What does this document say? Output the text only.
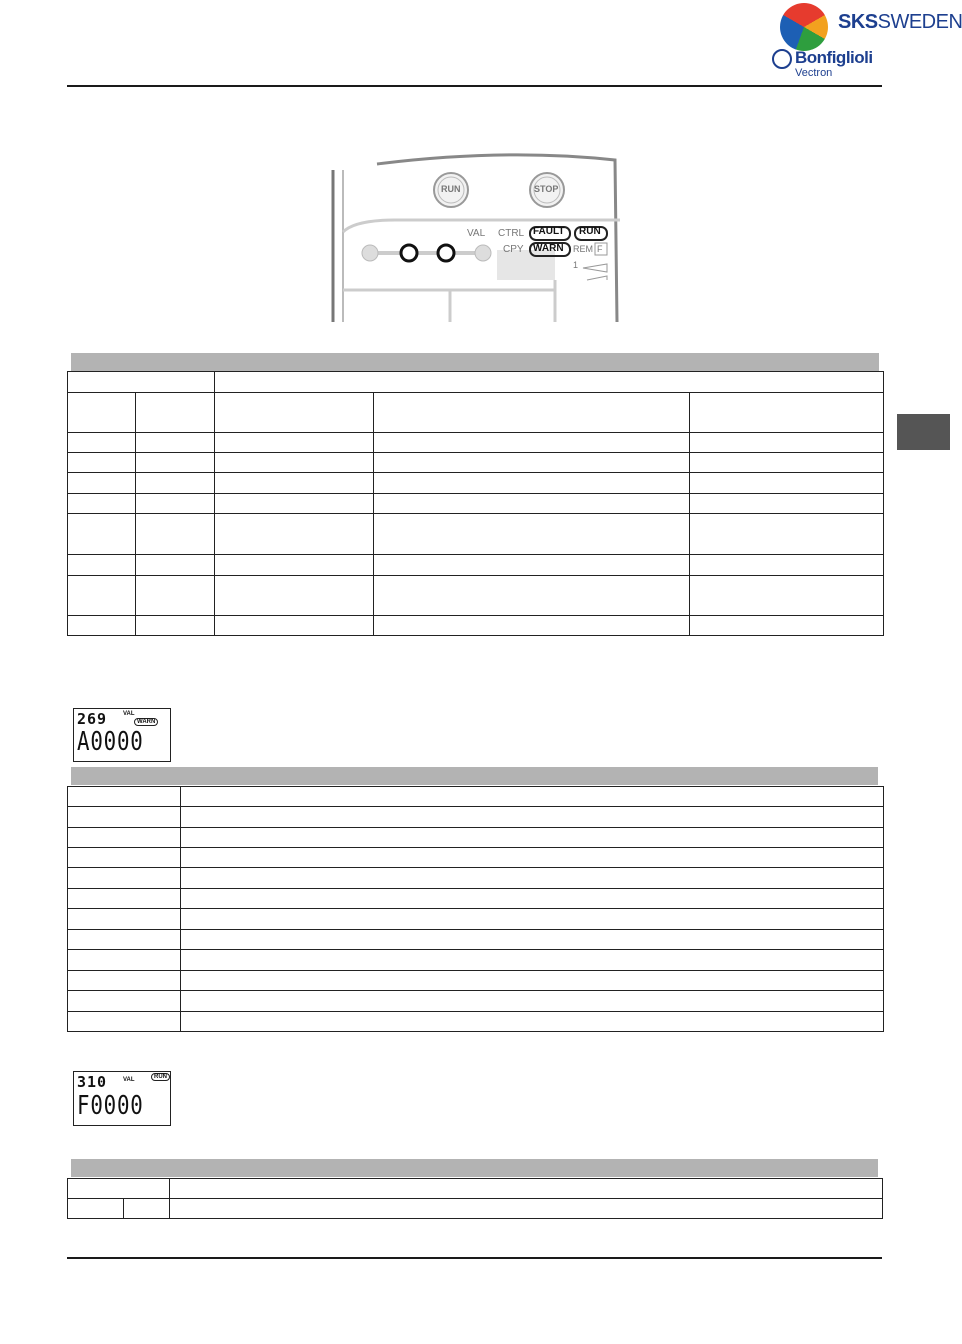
SKSSWEDEN
Bonfiglioli
Vectron
RUN	STOP
VAL CTRL FAULT RUN
CPY WARN REM F
1

269	VAL
WARN
A0000

310	VAL	RUN
F0000
